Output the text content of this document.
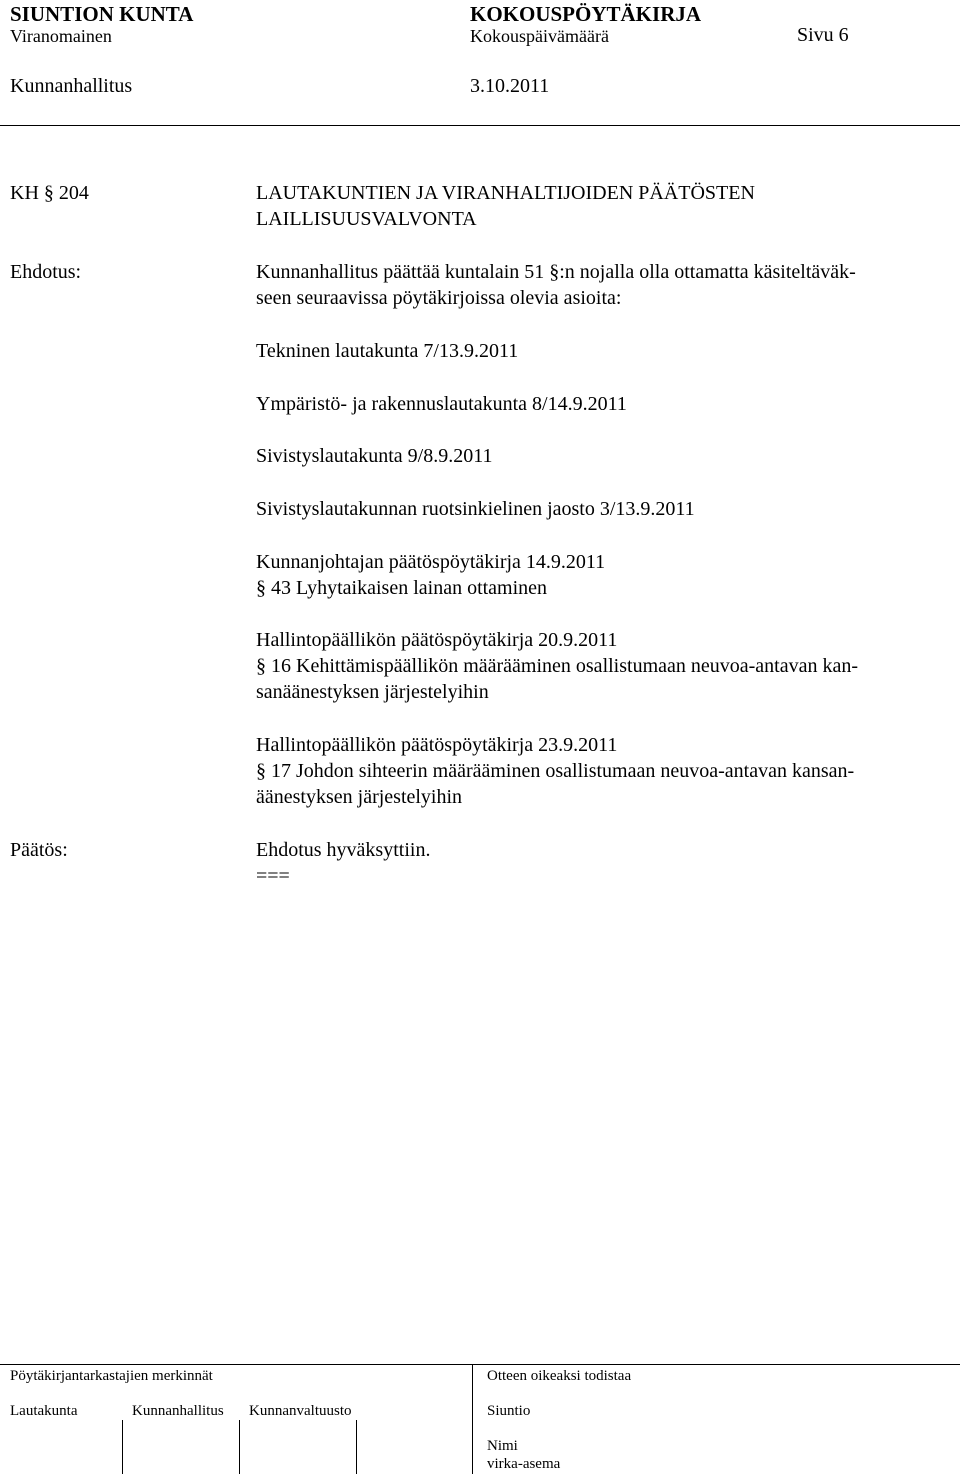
SIUNTION KUNTA	KOKOUSPÖYTÄKIRJA
Viranomainen	Kokouspäivämäärä	Sivu 6
Kunnanhallitus	3.10.2011
KH § 204	LAUTAKUNTIEN JA VIRANHALTIJOIDEN PÄÄTÖSTEN
LAILLISUUSVALVONTA
Ehdotus:	Kunnanhallitus päättää kuntalain 51 §:n nojalla olla ottamatta käsiteltäväk-
seen seuraavissa pöytäkirjoissa olevia asioita:
Tekninen lautakunta 7/13.9.2011
Ympäristö- ja rakennuslautakunta 8/14.9.2011
Sivistyslautakunta 9/8.9.2011
Sivistyslautakunnan ruotsinkielinen jaosto 3/13.9.2011
Kunnanjohtajan päätöspöytäkirja 14.9.2011
§ 43 Lyhytaikaisen lainan ottaminen
Hallintopäällikön päätöspöytäkirja 20.9.2011
§ 16 Kehittämispäällikön määrääminen osallistumaan neuvoa-antavan kan-
sanäänestyksen järjestelyihin
Hallintopäällikön päätöspöytäkirja 23.9.2011
§ 17 Johdon sihteerin määrääminen osallistumaan neuvoa-antavan kansan-
äänestyksen järjestelyihin
Päätös:	Ehdotus hyväksyttiin.
===
Pöytäkirjantarkastajien merkinnät	Otteen oikeaksi todistaa
Lautakunta	Kunnanhallitus Kunnanvaltuusto	Siuntio
Nimi
virka-asema
